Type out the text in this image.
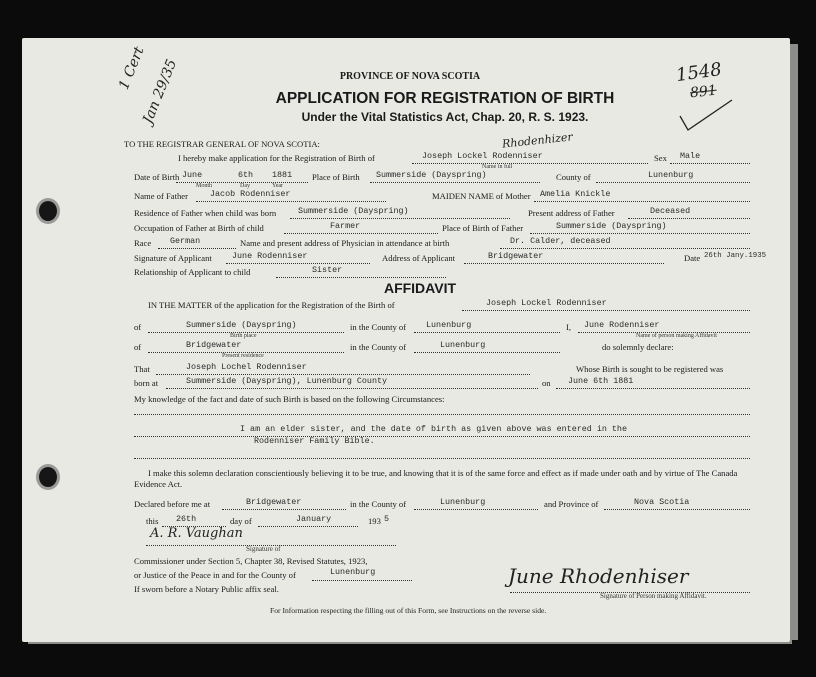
1 Cert
Jan 29/35	1548
891
PROVINCE OF NOVA SCOTIA
APPLICATION FOR REGISTRATION OF BIRTH
Under the Vital Statistics Act, Chap. 20, R. S. 1923.
TO THE REGISTRAR GENERAL OF NOVA SCOTIA:	Rhodenhizer
I hereby make application for the Registration of Birth of	Joseph Lockel Rodenniser
Name in full
Sex Male
Date of Birth June	6th 1881
Month	Day	Year
Place of Birth Summerside (Dayspring)	County of	Lunenburg
Name of Father	Jacob Rodenniser	MAIDEN NAME of Mother Amelia Knickle
Residence of Father when child was born	Summerside (Dayspring)	Present address of Father	Deceased
Occupation of Father at Birth of child	Farmer	Place of Birth of Father	Summerside (Dayspring)
Race German	Name and present address of Physician in attendance at birth	Dr. Calder, deceased
Signature of Applicant June Rodenniser	Address of Applicant	Bridgewater	Date 26th Jany.1935
Relationship of Applicant to child	Sister
AFFIDAVIT
IN THE MATTER of the application for the Registration of the Birth of	Joseph Lockel Rodenniser
of	Summerside (Dayspring)
Birth place
in the County of Lunenburg	I, June Rodenniser
Name of person making Affidavit
of	Bridgewater
Present residence
in the County of	Lunenburg	do solemnly declare:
That	Joseph Lochel Rodenniser	Whose Birth is sought to be registered was
born at	Summerside (Dayspring), Lunenburg County	on June 6th 1881
My knowledge of the fact and date of such Birth is based on the following Circumstances:
I am an elder sister, and the date of birth as given above was entered in the
Rodenniser Family Bible.
I make this solemn declaration conscientiously believing it to be true, and knowing that it is of the same force and effect as if made under oath and by virtue of The Canada Evidence Act.
Declared before me at	Bridgewater	in the County of	Lunenburg	and Province of	Nova Scotia
this 26th	day of	January	193 5
A. R. Vaughan
Signature of
Commissioner under Section 5, Chapter 38, Revised Statutes, 1923,
or Justice of the Peace in and for the County of	Lunenburg
If sworn before a Notary Public affix seal.
June Rhodenhiser
Signature of Person making Affidavit.
For Information respecting the filling out of this Form, see Instructions on the reverse side.
